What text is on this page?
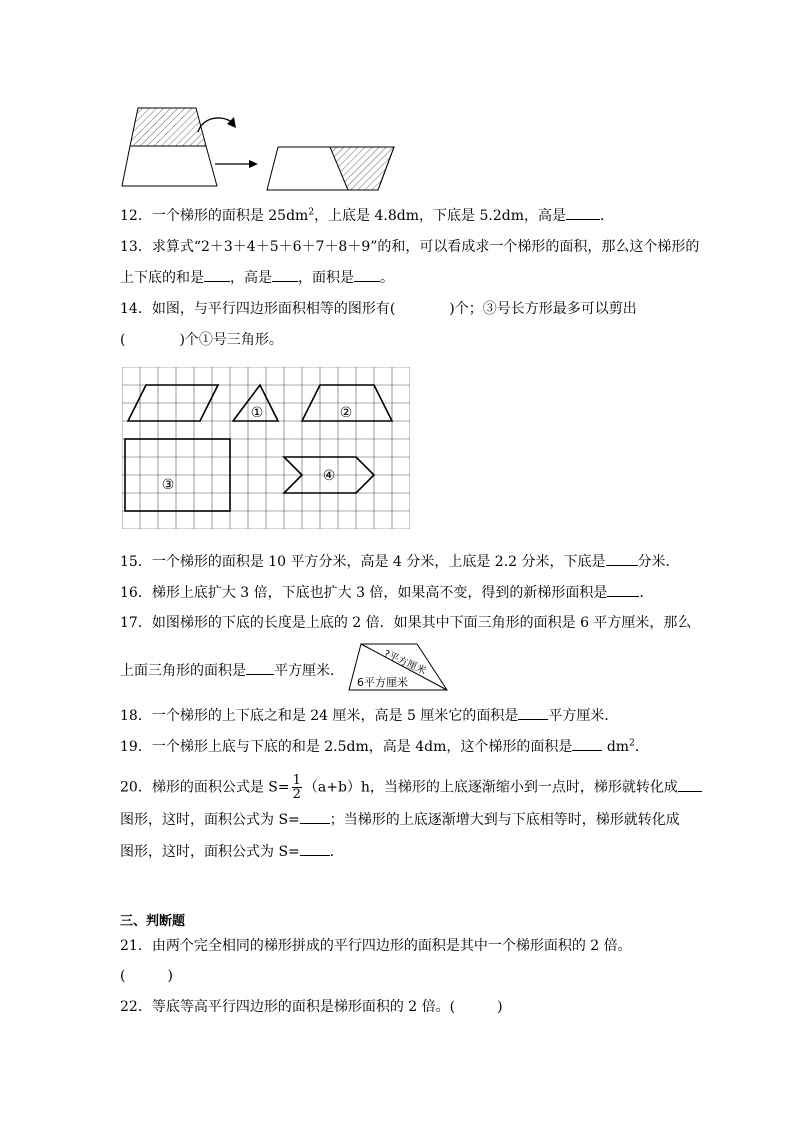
12．一个梯形的面积是 $25dm^2$，上底是 4.8dm，下底是 5.2dm，高是 ．
13．求算式“2＋3＋4＋5＋6＋7＋8＋9”的和，可以看成求一个梯形的面积，那么这个梯形的
上下底的和是 ，高是 ，面积是 。
14．如图，与平行四边形面积相等的图形有(	)个；③号长方形最多可以剪出
(	)个①号三角形。
①	②
③
④
15．一个梯形的面积是 10 平方分米，高是 4 分米，上底是 2.2 分米，下底是 分米．
16．梯形上底扩大 3 倍，下底也扩大 3 倍，如果高不变，得到的新梯形面积是 ．
17．如图梯形的下底的长度是上底的 2 倍．如果其中下面三角形的面积是 6 平方厘米，那么
上面三角形的面积是 平方厘米．	?平方厘米
6平方厘米
18．一个梯形的上下底之和是 24 厘米，高是 5 厘米它的面积是 平方厘米．
19．一个梯形上底与下底的和是 2.5dm，高是 4dm，这个梯形的面积是 $dm^2$．
20．梯形的面积公式是 $S= \frac{1}{2} (a+b)h$，当梯形的上底逐渐缩小到一点时，梯形就转化成
图形，这时，面积公式为 S= ；当梯形的上底逐渐增大到与下底相等时，梯形就转化成
图形，这时，面积公式为 S= ．
三、判断题
21．由两个完全相同的梯形拼成的平行四边形的面积是其中一个梯形面积的 2 倍。
(　　　)
22．等底等高平行四边形的面积是梯形面积的 2 倍。(　　　)
